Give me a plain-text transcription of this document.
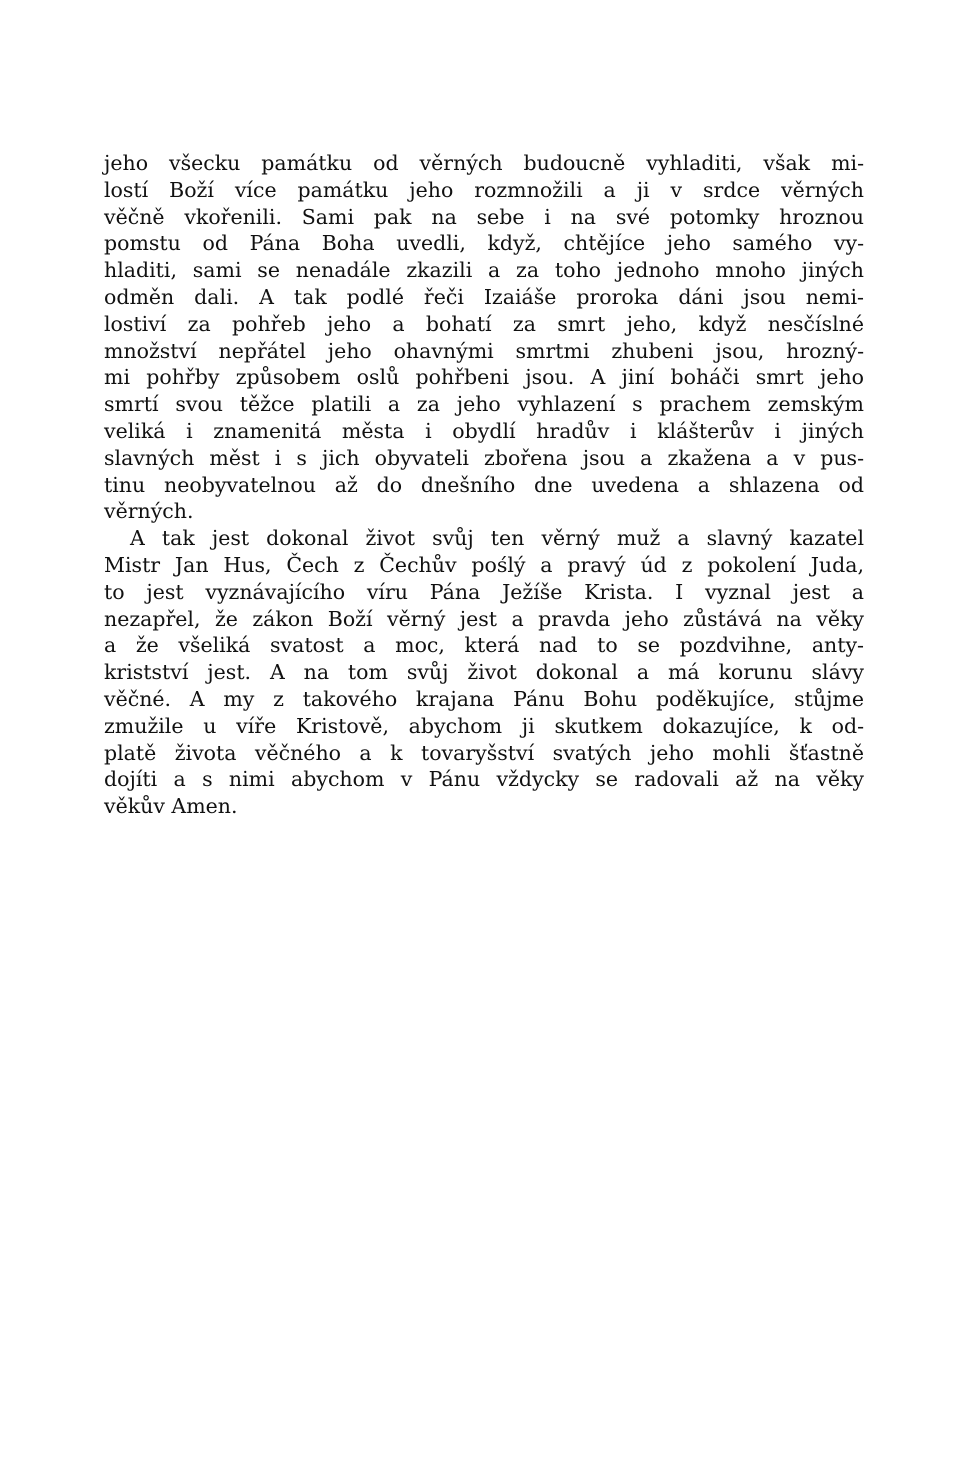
jeho všecku památku od věrných budoucně vyhladiti, však mi-
lostí Boží více památku jeho rozmnožili a ji v srdce věrných
věčně vkořenili. Sami pak na sebe i na své potomky hroznou
pomstu od Pána Boha uvedli, když, chtějíce jeho samého vy-
hladiti, sami se nenadále zkazili a za toho jednoho mnoho jiných
odměn dali. A tak podlé řeči Izaiáše proroka dáni jsou nemi-
lostiví za pohřeb jeho a bohatí za smrt jeho, když nesčíslné
množství nepřátel jeho ohavnými smrtmi zhubeni jsou, hrozný-
mi pohřby způsobem oslů pohřbeni jsou. A jiní boháči smrt jeho
smrtí svou těžce platili a za jeho vyhlazení s prachem zemským
veliká i znamenitá města i obydlí hradův i klášterův i jiných
slavných měst i s jich obyvateli zbořena jsou a zkažena a v pus-
tinu neobyvatelnou až do dnešního dne uvedena a shlazena od
věrných.
A tak jest dokonal život svůj ten věrný muž a slavný kazatel
Mistr Jan Hus, Čech z Čechův poślý a pravý úd z pokolení Juda,
to jest vyznávajícího víru Pána Ježíše Krista. I vyznal jest a
nezapřel, že zákon Boží věrný jest a pravda jeho zůstává na věky
a že všeliká svatost a moc, která nad to se pozdvihne, anty-
kristství jest. A na tom svůj život dokonal a má korunu slávy
věčné. A my z takového krajana Pánu Bohu poděkujíce, stůjme
zmužile u víře Kristově, abychom ji skutkem dokazujíce, k od-
platě života věčného a k tovaryšství svatých jeho mohli šťastně
dojíti a s nimi abychom v Pánu vždycky se radovali až na věky
věkův Amen.
